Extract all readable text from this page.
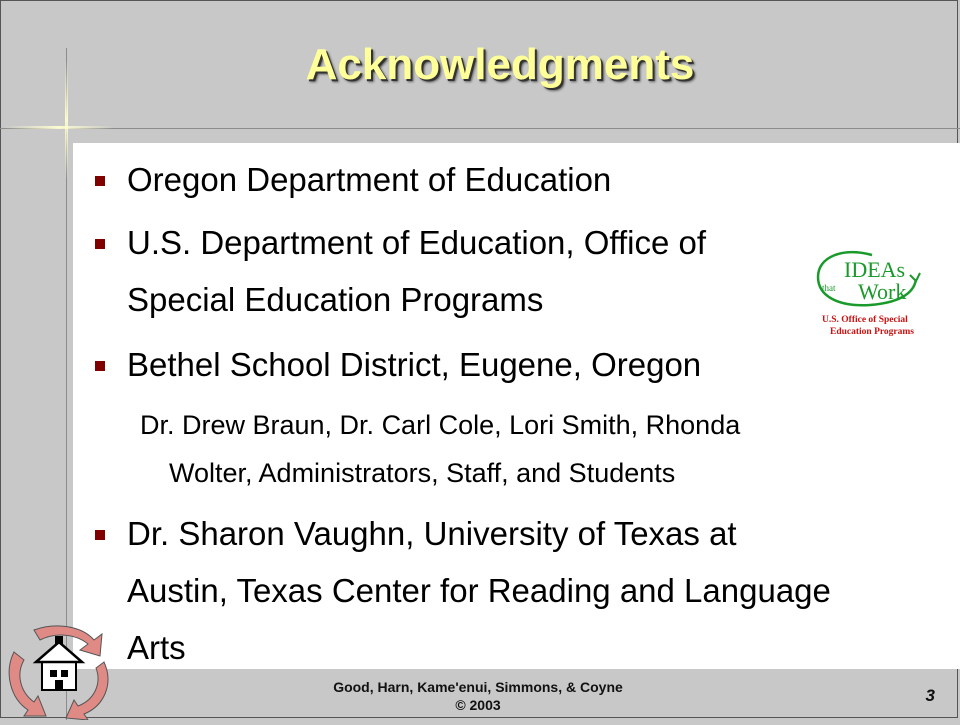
Acknowledgments
Oregon Department of Education
U.S. Department of Education, Office of
Special Education Programs
Bethel School District, Eugene, Oregon
Dr. Drew Braun, Dr. Carl Cole, Lori Smith, Rhonda
Wolter, Administrators, Staff, and Students
Dr. Sharon Vaughn, University of Texas at
Austin, Texas Center for Reading and Language
Arts
IDEAs
that Work
U.S. Office of Special
Education Programs
Good, Harn, Kame'enui, Simmons, & Coyne
© 2003	3
